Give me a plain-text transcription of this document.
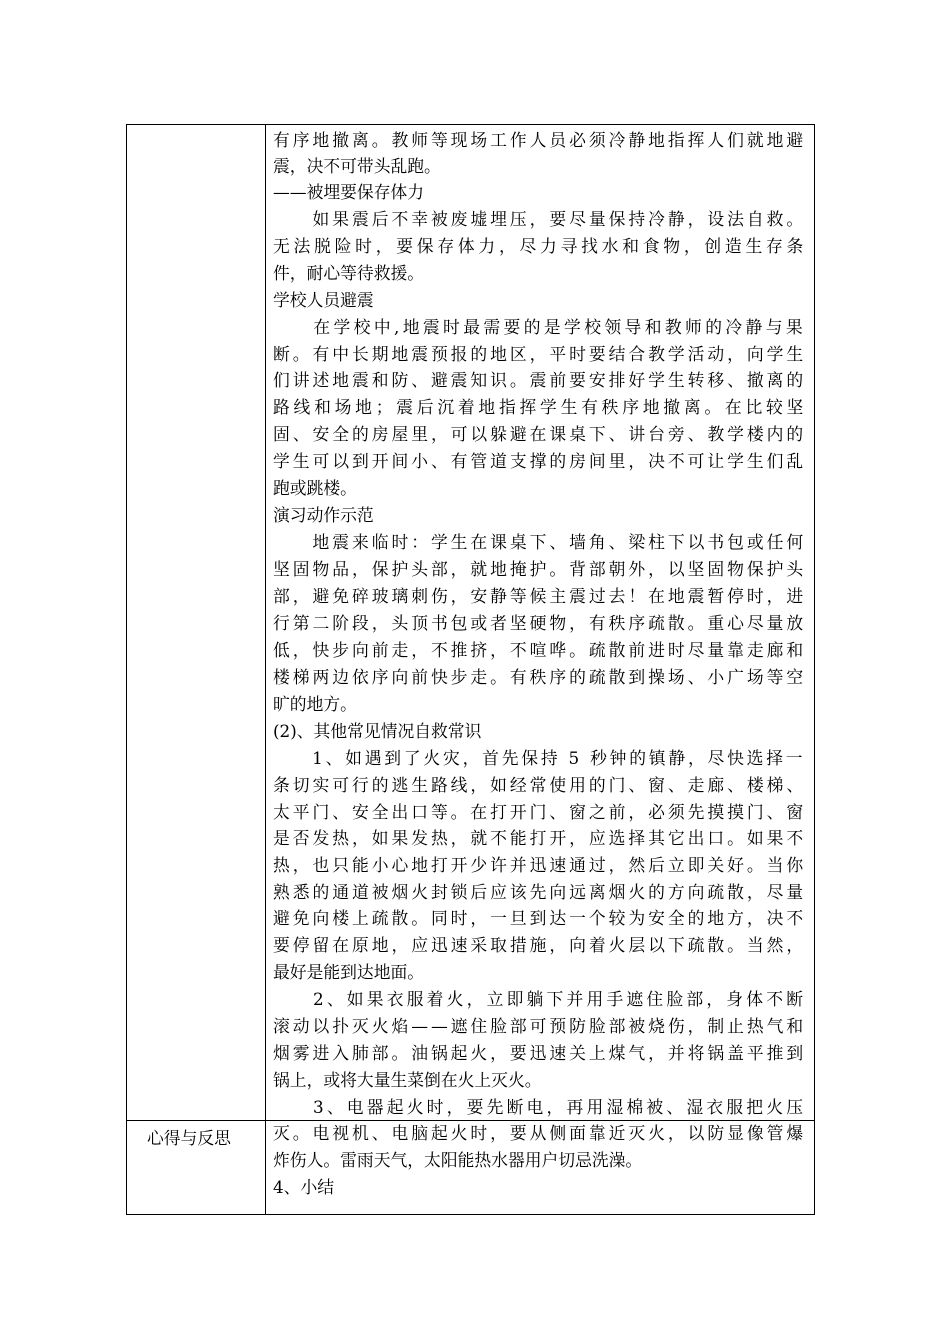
有序地撤离。教师等现场工作人员必须冷静地指挥人们就地避
震，决不可带头乱跑。
——被埋要保存体力
　　如果震后不幸被废墟埋压，要尽量保持冷静，设法自救。
无法脱险时，要保存体力，尽力寻找水和食物，创造生存条
件，耐心等待救援。
学校人员避震
　　在学校中,地震时最需要的是学校领导和教师的冷静与果
断。有中长期地震预报的地区，平时要结合教学活动，向学生
们讲述地震和防、避震知识。震前要安排好学生转移、撤离的
路线和场地；震后沉着地指挥学生有秩序地撤离。在比较坚
固、安全的房屋里，可以躲避在课桌下、讲台旁、教学楼内的
学生可以到开间小、有管道支撑的房间里，决不可让学生们乱
跑或跳楼。
演习动作示范
　　地震来临时：学生在课桌下、墙角、梁柱下以书包或任何
坚固物品，保护头部，就地掩护。背部朝外，以坚固物保护头
部，避免碎玻璃刺伤，安静等候主震过去！在地震暂停时，进
行第二阶段，头顶书包或者坚硬物，有秩序疏散。重心尽量放
低，快步向前走，不推挤，不喧哗。疏散前进时尽量靠走廊和
楼梯两边依序向前快步走。有秩序的疏散到操场、小广场等空
旷的地方。
(2)、其他常见情况自救常识
　　1、如遇到了火灾，首先保持 5 秒钟的镇静，尽快选择一
条切实可行的逃生路线，如经常使用的门、窗、走廊、楼梯、
太平门、安全出口等。在打开门、窗之前，必须先摸摸门、窗
是否发热，如果发热，就不能打开，应选择其它出口。如果不
热，也只能小心地打开少许并迅速通过，然后立即关好。当你
熟悉的通道被烟火封锁后应该先向远离烟火的方向疏散，尽量
避免向楼上疏散。同时，一旦到达一个较为安全的地方，决不
要停留在原地，应迅速采取措施，向着火层以下疏散。当然，
最好是能到达地面。
　　2、如果衣服着火，立即躺下并用手遮住脸部，身体不断
滚动以扑灭火焰——遮住脸部可预防脸部被烧伤，制止热气和
烟雾进入肺部。油锅起火，要迅速关上煤气，并将锅盖平推到
锅上，或将大量生菜倒在火上灭火。
　　3、电器起火时，要先断电，再用湿棉被、湿衣服把火压
灭。电视机、电脑起火时，要从侧面靠近灭火，以防显像管爆
炸伤人。雷雨天气，太阳能热水器用户切忌洗澡。
4、小结
心得与反思
